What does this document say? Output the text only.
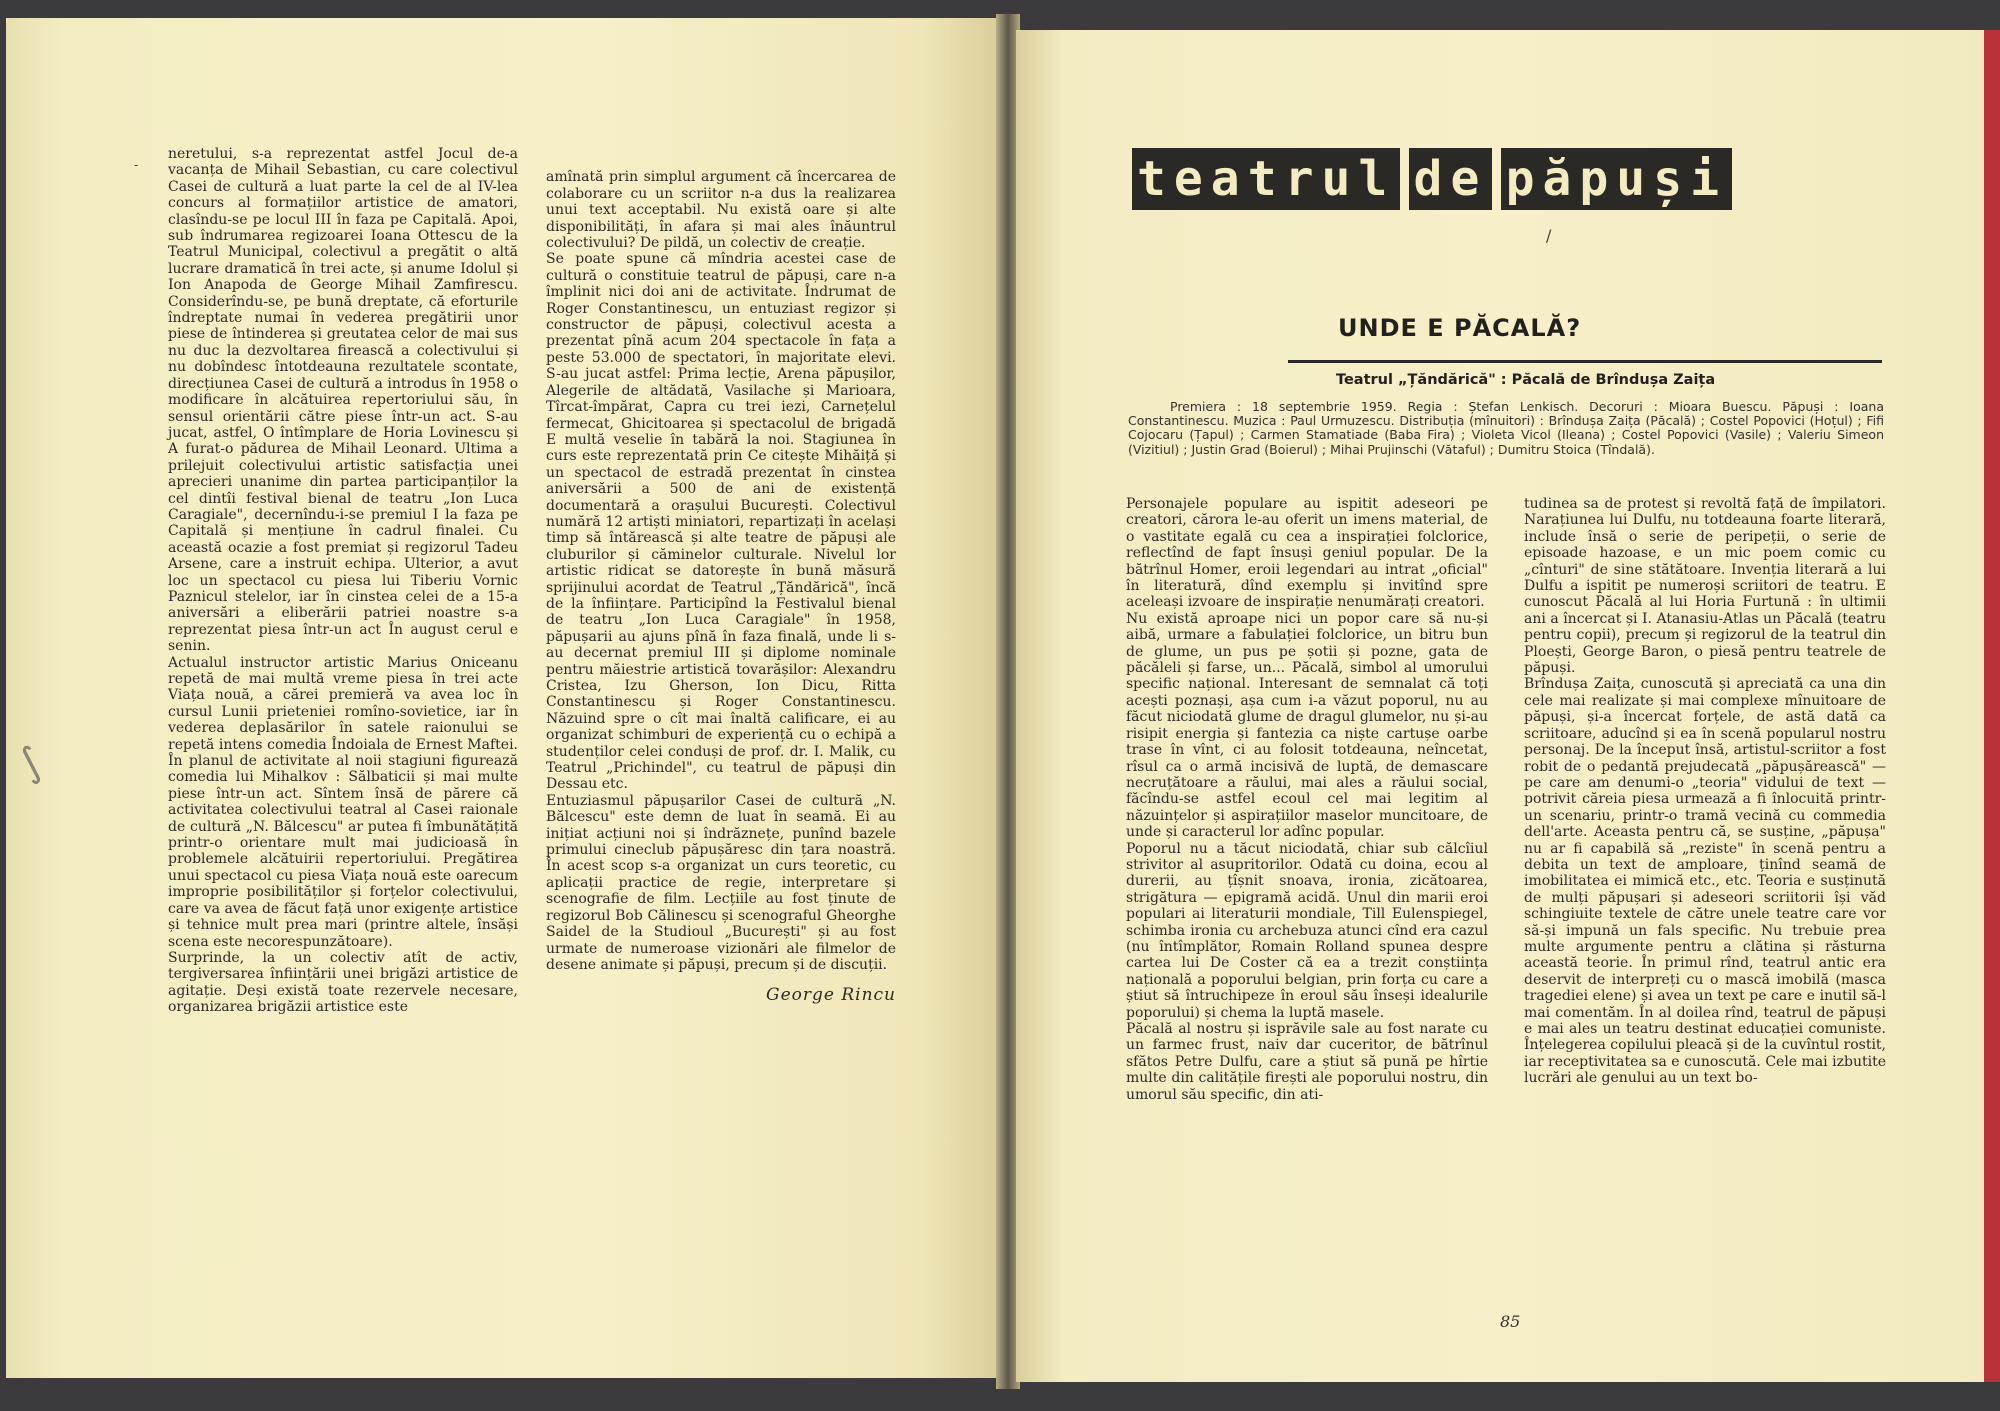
neretului, s-a reprezentat astfel Jocul de-a vacanța de Mihail Sebastian, cu care colectivul Casei de cultură a luat parte la cel de al IV-lea concurs al formațiilor artistice de amatori, clasîndu-se pe locul III în faza pe Capitală. Apoi, sub îndrumarea regizoarei Ioana Ottescu de la Teatrul Municipal, colectivul a pregătit o altă lucrare dramatică în trei acte, și anume Idolul și Ion Anapoda de George Mihail Zamfirescu. Considerîndu-se, pe bună dreptate, că eforturile îndreptate numai în vederea pregătirii unor piese de întinderea și greutatea celor de mai sus nu duc la dezvoltarea firească a colectivului și nu dobîndesc întotdeauna rezultatele scontate, direcțiunea Casei de cultură a introdus în 1958 o modificare în alcătuirea repertoriului său, în sensul orientării către piese într-un act. S-au jucat, astfel, O întîmplare de Horia Lovinescu și A furat-o pădurea de Mihail Leonard. Ultima a prilejuit colectivului artistic satisfacția unei aprecieri unanime din partea participanților la cel dintîi festival bienal de teatru „Ion Luca Caragiale", decernîndu-i-se premiul I la faza pe Capitală și mențiune în cadrul finalei. Cu această ocazie a fost premiat și regizorul Tadeu Arsene, care a instruit echipa. Ulterior, a avut loc un spectacol cu piesa lui Tiberiu Vornic Paznicul stelelor, iar în cinstea celei de a 15-a aniversări a eliberării patriei noastre s-a reprezentat piesa într-un act În august cerul e senin.
Actualul instructor artistic Marius Oniceanu repetă de mai multă vreme piesa în trei acte Viața nouă, a cărei premieră va avea loc în cursul Lunii prieteniei romîno-sovietice, iar în vederea deplasărilor în satele raionului se repetă intens comedia Îndoiala de Ernest Maftei. În planul de activitate al noii stagiuni figurează comedia lui Mihalkov : Sălbaticii și mai multe piese într-un act. Sîntem însă de părere că activitatea colectivului teatral al Casei raionale de cultură „N. Bălcescu" ar putea fi îmbunătățită printr-o orientare mult mai judicioasă în problemele alcătuirii repertoriului. Pregătirea unui spectacol cu piesa Viața nouă este oarecum improprie posibilităților și forțelor colectivului, care va avea de făcut față unor exigențe artistice și tehnice mult prea mari (printre altele, însăși scena este necorespunzătoare).
Surprinde, la un colectiv atît de activ, tergiversarea înființării unei brigăzi artistice de agitație. Deși există toate rezervele necesare, organizarea brigăzii artistice este

amînată prin simplul argument că încercarea de colaborare cu un scriitor n-a dus la realizarea unui text acceptabil. Nu există oare și alte disponibilități, în afara și mai ales înăuntrul colectivului? De pildă, un colectiv de creație.
Se poate spune că mîndria acestei case de cultură o constituie teatrul de păpuși, care n-a împlinit nici doi ani de activitate. Îndrumat de Roger Constantinescu, un entuziast regizor și constructor de păpuși, colectivul acesta a prezentat pînă acum 204 spectacole în fața a peste 53.000 de spectatori, în majoritate elevi. S-au jucat astfel: Prima lecție, Arena păpușilor, Alegerile de altădată, Vasilache și Marioara, Tîrcat-împărat, Capra cu trei iezi, Carnețelul fermecat, Ghicitoarea și spectacolul de brigadă E multă veselie în tabără la noi. Stagiunea în curs este reprezentată prin Ce citește Mihăiță și un spectacol de estradă prezentat în cinstea aniversării a 500 de ani de existență documentară a orașului București. Colectivul numără 12 artiști miniatori, repartizați în același timp să întărească și alte teatre de păpuși ale cluburilor și căminelor culturale. Nivelul lor artistic ridicat se datorește în bună măsură sprijinului acordat de Teatrul „Țăndărică", încă de la înființare. Participînd la Festivalul bienal de teatru „Ion Luca Caragiale" în 1958, păpușarii au ajuns pînă în faza finală, unde li s-au decernat premiul III și diplome nominale pentru măiestrie artistică tovarășilor: Alexandru Cristea, Izu Gherson, Ion Dicu, Ritta Constantinescu și Roger Constantinescu. Năzuind spre o cît mai înaltă calificare, ei au organizat schimburi de experiență cu o echipă a studenților celei conduși de prof. dr. I. Malik, cu Teatrul „Prichindel", cu teatrul de păpuși din Dessau etc.
Entuziasmul păpușarilor Casei de cultură „N. Bălcescu" este demn de luat în seamă. Ei au inițiat acțiuni noi și îndrăznețe, punînd bazele primului cineclub păpușăresc din țara noastră. În acest scop s-a organizat un curs teoretic, cu aplicații practice de regie, interpretare și scenografie de film. Lecțiile au fost ținute de regizorul Bob Călinescu și scenograful Gheorghe Saidel de la Studioul „București" și au fost urmate de numeroase vizionări ale filmelor de desene animate și păpuși, precum și de discuții.

George Rincu

∫
-	teatrul de păpuși
/
UNDE E PĂCALĂ?
Teatrul „Țăndărică" : Păcală de Brîndușa Zaița
Premiera : 18 septembrie 1959. Regia : Ștefan Lenkisch. Decoruri : Mioara Buescu. Păpuși : Ioana Constantinescu. Muzica : Paul Urmuzescu. Distribuția (mînuitori) : Brîndușa Zaița (Păcală) ; Costel Popovici (Hoțul) ; Fifi Cojocaru (Țapul) ; Carmen Stamatiade (Baba Fira) ; Violeta Vicol (Ileana) ; Costel Popovici (Vasile) ; Valeriu Simeon (Vizitiul) ; Justin Grad (Boierul) ; Mihai Prujinschi (Vătaful) ; Dumitru Stoica (Tîndală).
Personajele populare au ispitit adeseori pe creatori, cărora le-au oferit un imens material, de o vastitate egală cu cea a inspirației folclorice, reflectînd de fapt însuși geniul popular. De la bătrînul Homer, eroii legendari au intrat „oficial" în literatură, dînd exemplu și invitînd spre aceleași izvoare de inspirație nenumărați creatori.
Nu există aproape nici un popor care să nu-și aibă, urmare a fabulației folclorice, un bitru bun de glume, un pus pe șotii și pozne, gata de păcăleli și farse, un... Păcală, simbol al umorului specific național. Interesant de semnalat că toți acești poznași, așa cum i-a văzut poporul, nu au făcut niciodată glume de dragul glumelor, nu și-au risipit energia și fantezia ca niște cartușe oarbe trase în vînt, ci au folosit totdeauna, neîncetat, rîsul ca o armă incisivă de luptă, de demascare necruțătoare a răului, mai ales a răului social, făcîndu-se astfel ecoul cel mai legitim al năzuințelor și aspirațiilor maselor muncitoare, de unde și caracterul lor adînc popular.
Poporul nu a tăcut niciodată, chiar sub călcîiul strivitor al asupritorilor. Odată cu doina, ecou al durerii, au țîșnit snoava, ironia, zicătoarea, strigătura — epigramă acidă. Unul din marii eroi populari ai literaturii mondiale, Till Eulenspiegel, schimba ironia cu archebuza atunci cînd era cazul (nu întîmplător, Romain Rolland spunea despre cartea lui De Coster că ea a trezit conștiința națională a poporului belgian, prin forța cu care a știut să întruchipeze în eroul său înseși idealurile poporului) și chema la luptă masele.
Păcală al nostru și isprăvile sale au fost narate cu un farmec frust, naiv dar cuceritor, de bătrînul sfătos Petre Dulfu, care a știut să pună pe hîrtie multe din calitățile firești ale poporului nostru, din umorul său specific, din ati-
tudinea sa de protest și revoltă față de împilatori. Narațiunea lui Dulfu, nu totdeauna foarte literară, include însă o serie de peripeții, o serie de episoade hazoase, e un mic poem comic cu „cînturi" de sine stătătoare. Invenția literară a lui Dulfu a ispitit pe numeroși scriitori de teatru. E cunoscut Păcală al lui Horia Furtună : în ultimii ani a încercat și I. Atanasiu-Atlas un Păcală (teatru pentru copii), precum și regizorul de la teatrul din Ploești, George Baron, o piesă pentru teatrele de păpuși.
Brîndușa Zaița, cunoscută și apreciată ca una din cele mai realizate și mai complexe mînuitoare de păpuși, și-a încercat forțele, de astă dată ca scriitoare, aducînd și ea în scenă popularul nostru personaj. De la început însă, artistul-scriitor a fost robit de o pedantă prejudecată „păpușărească" — pe care am denumi-o „teoria" vidului de text — potrivit căreia piesa urmează a fi înlocuită printr-un scenariu, printr-o tramă vecină cu commedia dell'arte. Aceasta pentru că, se susține, „păpușa" nu ar fi capabilă să „reziste" în scenă pentru a debita un text de amploare, ținînd seamă de imobilitatea ei mimică etc., etc. Teoria e susținută de mulți păpușari și adeseori scriitorii își văd schingiuite textele de către unele teatre care vor să-și impună un fals specific. Nu trebuie prea multe argumente pentru a clătina și răsturna această teorie. În primul rînd, teatrul antic era deservit de interpreți cu o mască imobilă (masca tragediei elene) și avea un text pe care e inutil să-l mai comentăm. În al doilea rînd, teatrul de păpuși e mai ales un teatru destinat educației comuniste. Înțelegerea copilului pleacă și de la cuvîntul rostit, iar receptivitatea sa e cunoscută. Cele mai izbutite lucrări ale genului au un text bo-
85
